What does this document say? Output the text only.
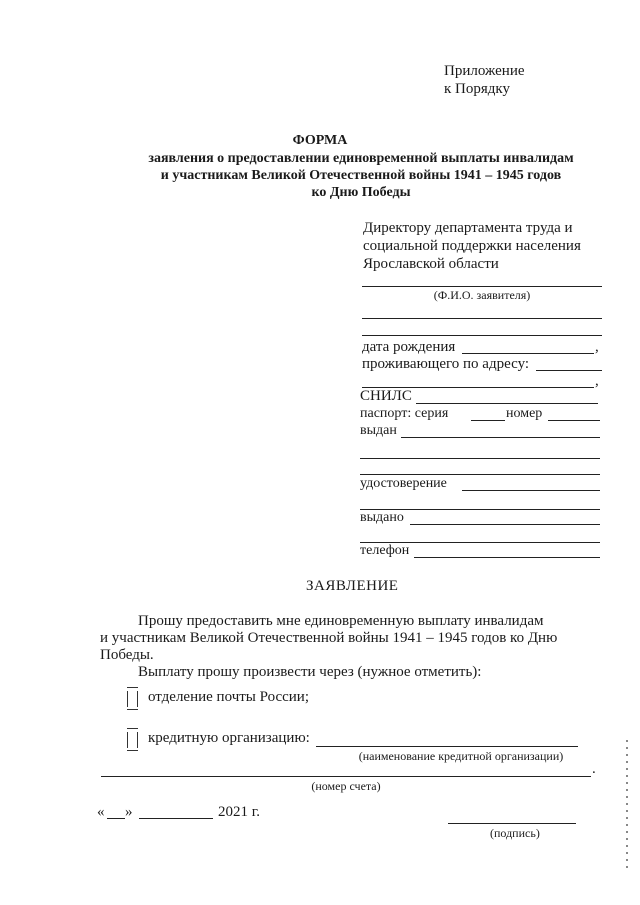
Приложение
к Порядку
ФОРМА
заявления о предоставлении единовременной выплаты инвалидам
и участникам Великой Отечественной войны 1941 – 1945 годов
ко Дню Победы
Директору департамента труда и
социальной поддержки населения
Ярославской области
(Ф.И.О. заявителя)
дата рождения	,
проживающего по адресу:
,
СНИЛС
паспорт: серия	номер
выдан
удостоверение
выдано
телефон
ЗАЯВЛЕНИЕ
Прошу предоставить мне единовременную выплату инвалидам
и участникам Великой Отечественной войны 1941 – 1945 годов ко Дню
Победы.
Выплату прошу произвести через (нужное отметить):
отделение почты России;
кредитную организацию:
(наименование кредитной организации)
.
(номер счета)
« »	2021 г.
(подпись)
